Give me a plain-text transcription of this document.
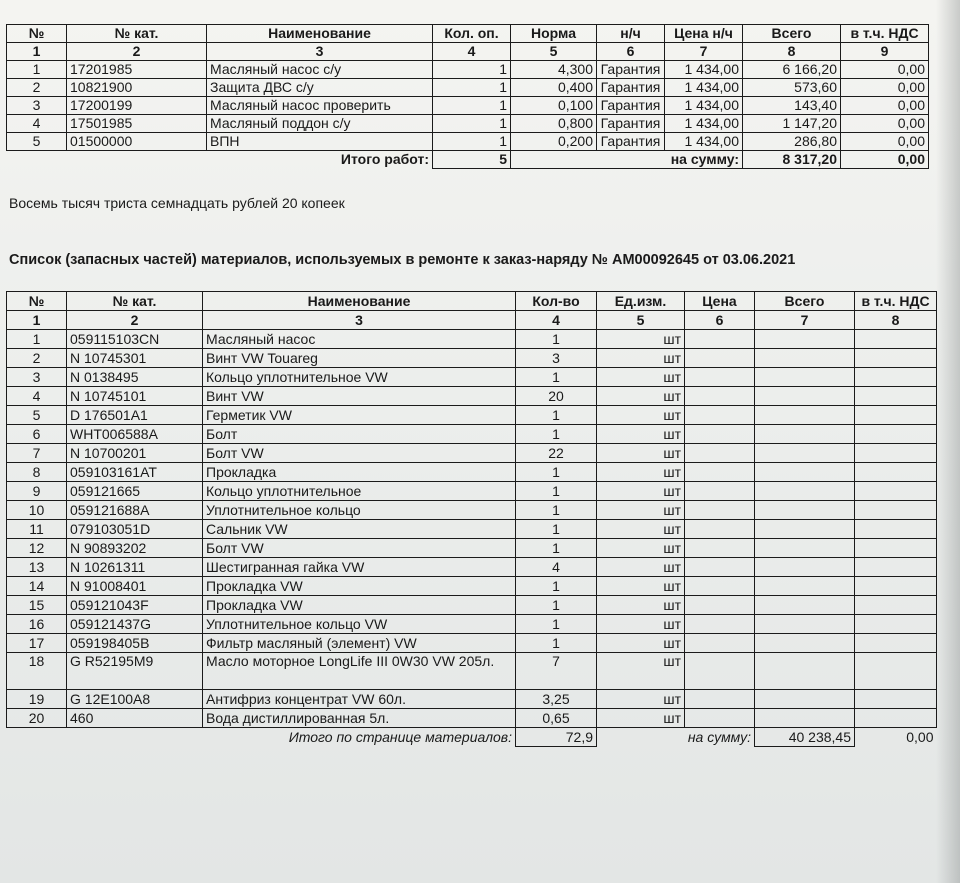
№	№ кат.	Наименование	Кол. оп.	Норма	н/ч	Цена н/ч	Всего	в т.ч. НДС
1	2	3	4	5	6	7	8	9
1	17201985	Масляный насос с/у	1	4,300	Гарантия	1 434,00	6 166,20	0,00
2	10821900	Защита ДВС с/у	1	0,400	Гарантия	1 434,00	573,60	0,00
3	17200199	Масляный насос проверить	1	0,100	Гарантия	1 434,00	143,40	0,00
4	17501985	Масляный поддон с/у	1	0,800	Гарантия	1 434,00	1 147,20	0,00
5	01500000	ВПН	1	0,200	Гарантия	1 434,00	286,80	0,00
Итого работ:			5	на сумму:			8 317,20	0,00
Восемь тысяч триста семнадцать рублей 20 копеек
Список (запасных частей) материалов, используемых в ремонте к заказ-наряду № АМ00092645 от 03.06.2021
№	№ кат.	Наименование	Кол-во	Ед.изм.	Цена	Всего	в т.ч. НДС
1	2	3	4	5	6	7	8
1	059115103CN	Масляный насос	1	шт			
2	N 10745301	Винт VW Touareg	3	шт			
3	N 0138495	Кольцо уплотнительное VW	1	шт			
4	N 10745101	Винт VW	20	шт			
5	D 176501A1	Герметик VW	1	шт			
6	WHT006588A	Болт	1	шт			
7	N 10700201	Болт VW	22	шт			
8	059103161AT	Прокладка	1	шт			
9	059121665	Кольцо уплотнительное	1	шт			
10	059121688A	Уплотнительное кольцо	1	шт			
11	079103051D	Сальник VW	1	шт			
12	N 90893202	Болт VW	1	шт			
13	N 10261311	Шестигранная гайка VW	4	шт			
14	N 91008401	Прокладка VW	1	шт			
15	059121043F	Прокладка VW	1	шт			
16	059121437G	Уплотнительное кольцо VW	1	шт			
17	059198405B	Фильтр масляный (элемент) VW	1	шт			
18	G R52195M9	Масло моторное LongLife III 0W30 VW 205л.	7	шт			
19	G 12E100A8	Антифриз концентрат VW 60л.	3,25	шт			
20	460	Вода дистиллированная 5л.	0,65	шт			
Итого по странице материалов:			72,9	на сумму:		40 238,45	0,00
